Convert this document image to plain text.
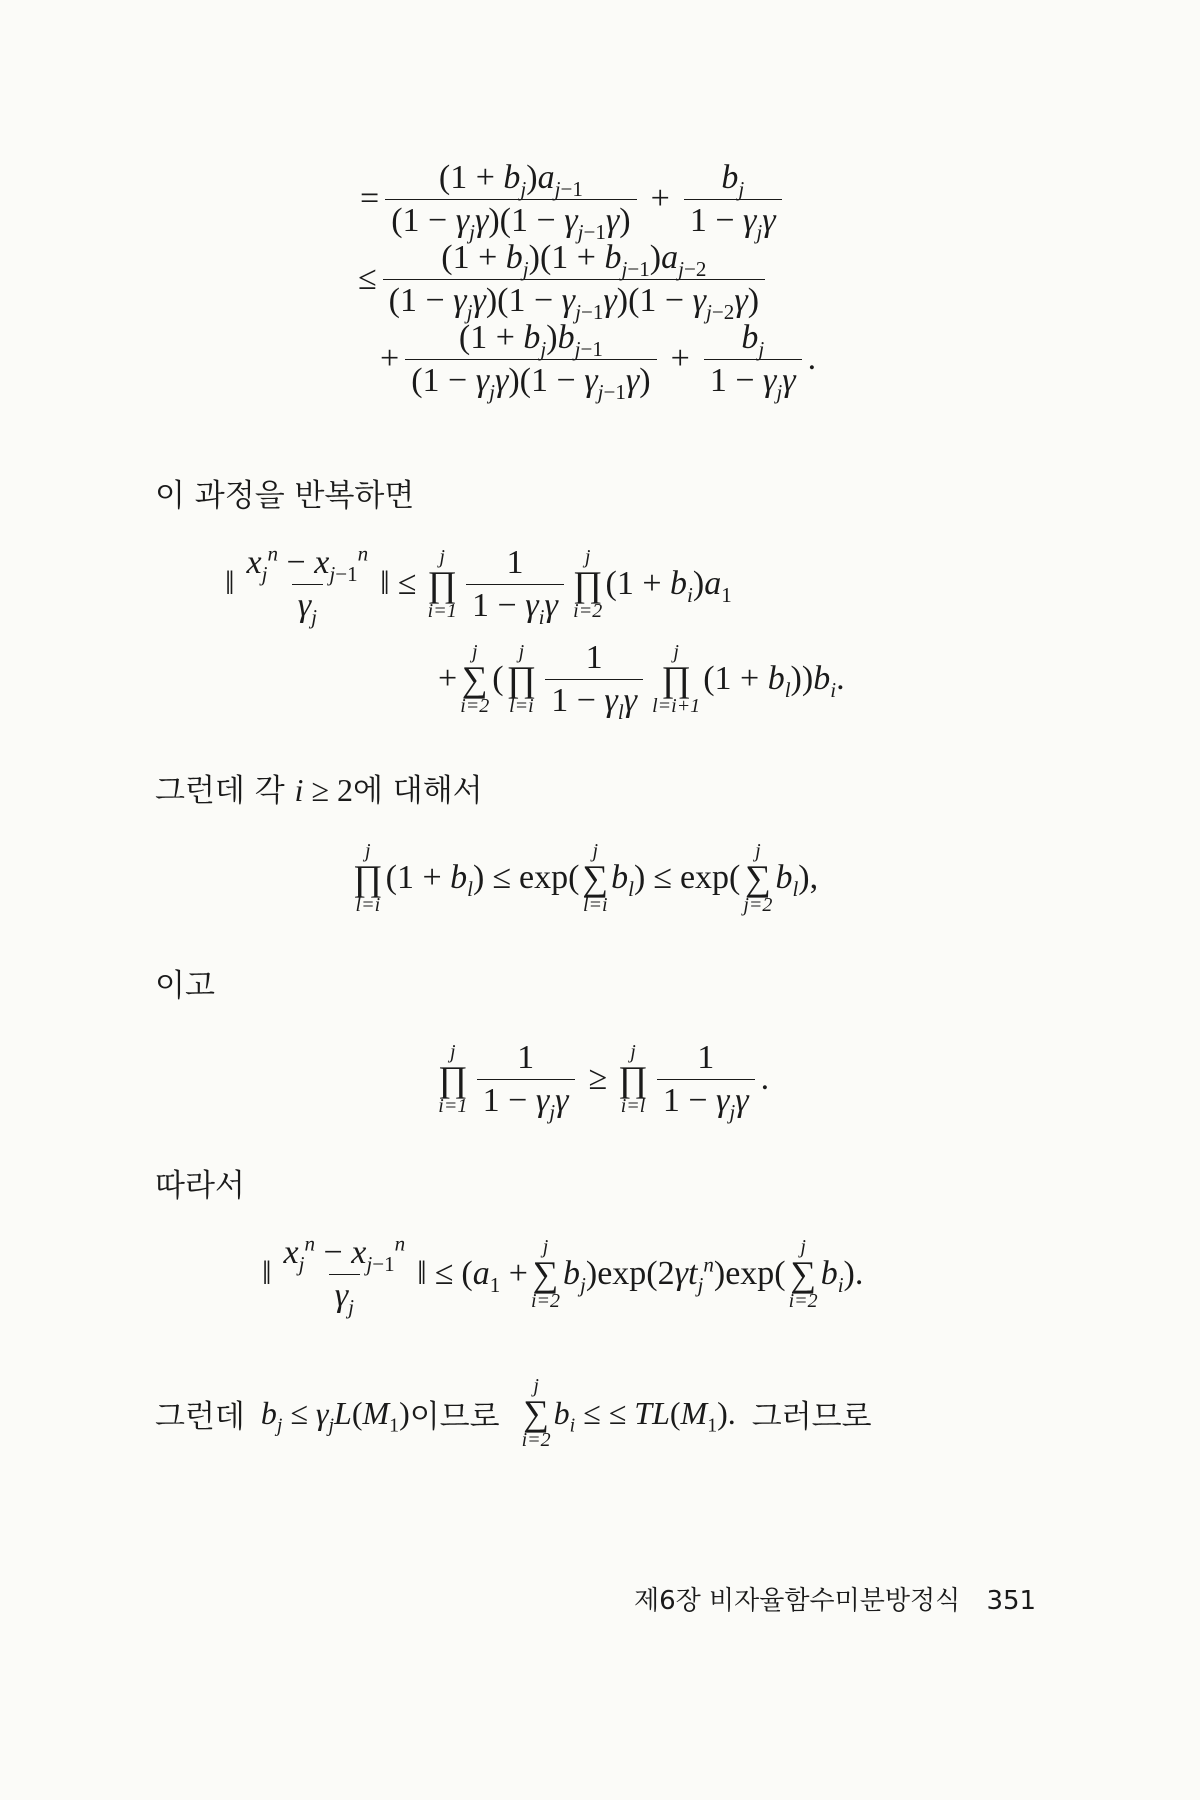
= $\frac{(1 + b_j)a_{j-1}}{(1 - \gamma_j\gamma)(1 - \gamma_{j-1}\gamma)} + \frac{b_j}{1 - \gamma_j\gamma}$
≤ $\frac{(1 + b_j)(1 + b_{j-1})a_{j-2}}{(1 - \gamma_j\gamma)(1 - \gamma_{j-1}\gamma)(1 - \gamma_{j-2}\gamma)}$
+ $\frac{(1 + b_j)b_{j-1}}{(1 - \gamma_j\gamma)(1 - \gamma_{j-1}\gamma)} + \frac{b_j}{1 - \gamma_j\gamma}$ .
이 과정을 반복하면
‖ $\frac{x_j^n - x_{j-1}^n}{\gamma_j}$ ‖ ≤
j
∏
$i=1 \frac{1}{1 - \gamma_i\gamma}$ j
∏
i=2
$(1 + b_i)a_1$
+
j
∑
i=2
(
j
∏
$l=i \frac{1}{1 - \gamma_l\gamma}$ j
∏
l=i+1
$(1 + b_l))b_i$.
그런데 각 i ≥ 2에 대해서
j
∏
l=i
$(1 + b_l) \le \exp$ (
j
∑
l=i
$b_l) \le \exp$ (
j
∑
j=2
$b_l$),
이고
j
∏
$i=1 \frac{1}{1 - \gamma_j\gamma}$ ≥
j
∏
$i=l \frac{1}{1 - \gamma_j\gamma}$ .
따라서
‖ $\frac{x_j^n - x_{j-1}^n}{\gamma_j}$ ‖ ≤ ($a_1$ +
j
∑
i=2
$b_j)\exp(2\gamma t_j^n)\exp$(
j
∑
i=2
$b_i$).
그런데 $b_j \le \gamma_jL(M_1)$ 이므로
j
∑
i=2
$b_i$ ≤ ≤ $TL(M_1)$. 그러므로
제6장 비자율함수미분방정식 351
